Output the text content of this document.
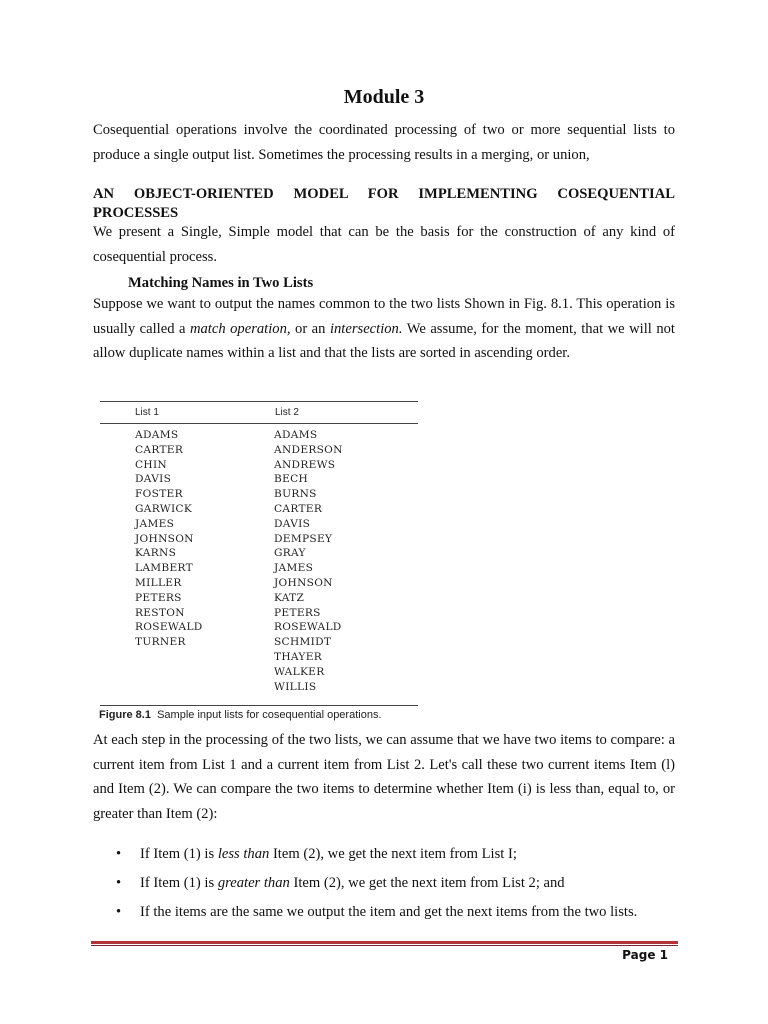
Module 3
Cosequential operations involve the coordinated processing of two or more sequential lists to produce a single output list. Sometimes the processing results in a merging, or union,
AN OBJECT-ORIENTED MODEL FOR IMPLEMENTING COSEQUENTIAL PROCESSES
We present a Single, Simple model that can be the basis for the construction of any kind of cosequential process.
Matching Names in Two Lists
Suppose we want to output the names common to the two lists Shown in Fig. 8.1. This operation is usually called a match operation, or an intersection. We assume, for the moment, that we will not allow duplicate names within a list and that the lists are sorted in ascending order.
List 1	List 2
ADAMS
CARTER
CHIN
DAVIS
FOSTER
GARWICK
JAMES
JOHNSON
KARNS
LAMBERT
MILLER
PETERS
RESTON
ROSEWALD
TURNER
ADAMS
ANDERSON
ANDREWS
BECH
BURNS
CARTER
DAVIS
DEMPSEY
GRAY
JAMES
JOHNSON
KATZ
PETERS
ROSEWALD
SCHMIDT
THAYER
WALKER
WILLIS
Figure 8.1 Sample input lists for cosequential operations.
At each step in the processing of the two lists, we can assume that we have two items to compare: a current item from List 1 and a current item from List 2. Let's call these two current items Item (l) and Item (2). We can compare the two items to determine whether Item (i) is less than, equal to, or greater than Item (2):
• If Item (1) is less than Item (2), we get the next item from List I;
• If Item (1) is greater than Item (2), we get the next item from List 2; and
• If the items are the same we output the item and get the next items from the two lists.
Page 1
